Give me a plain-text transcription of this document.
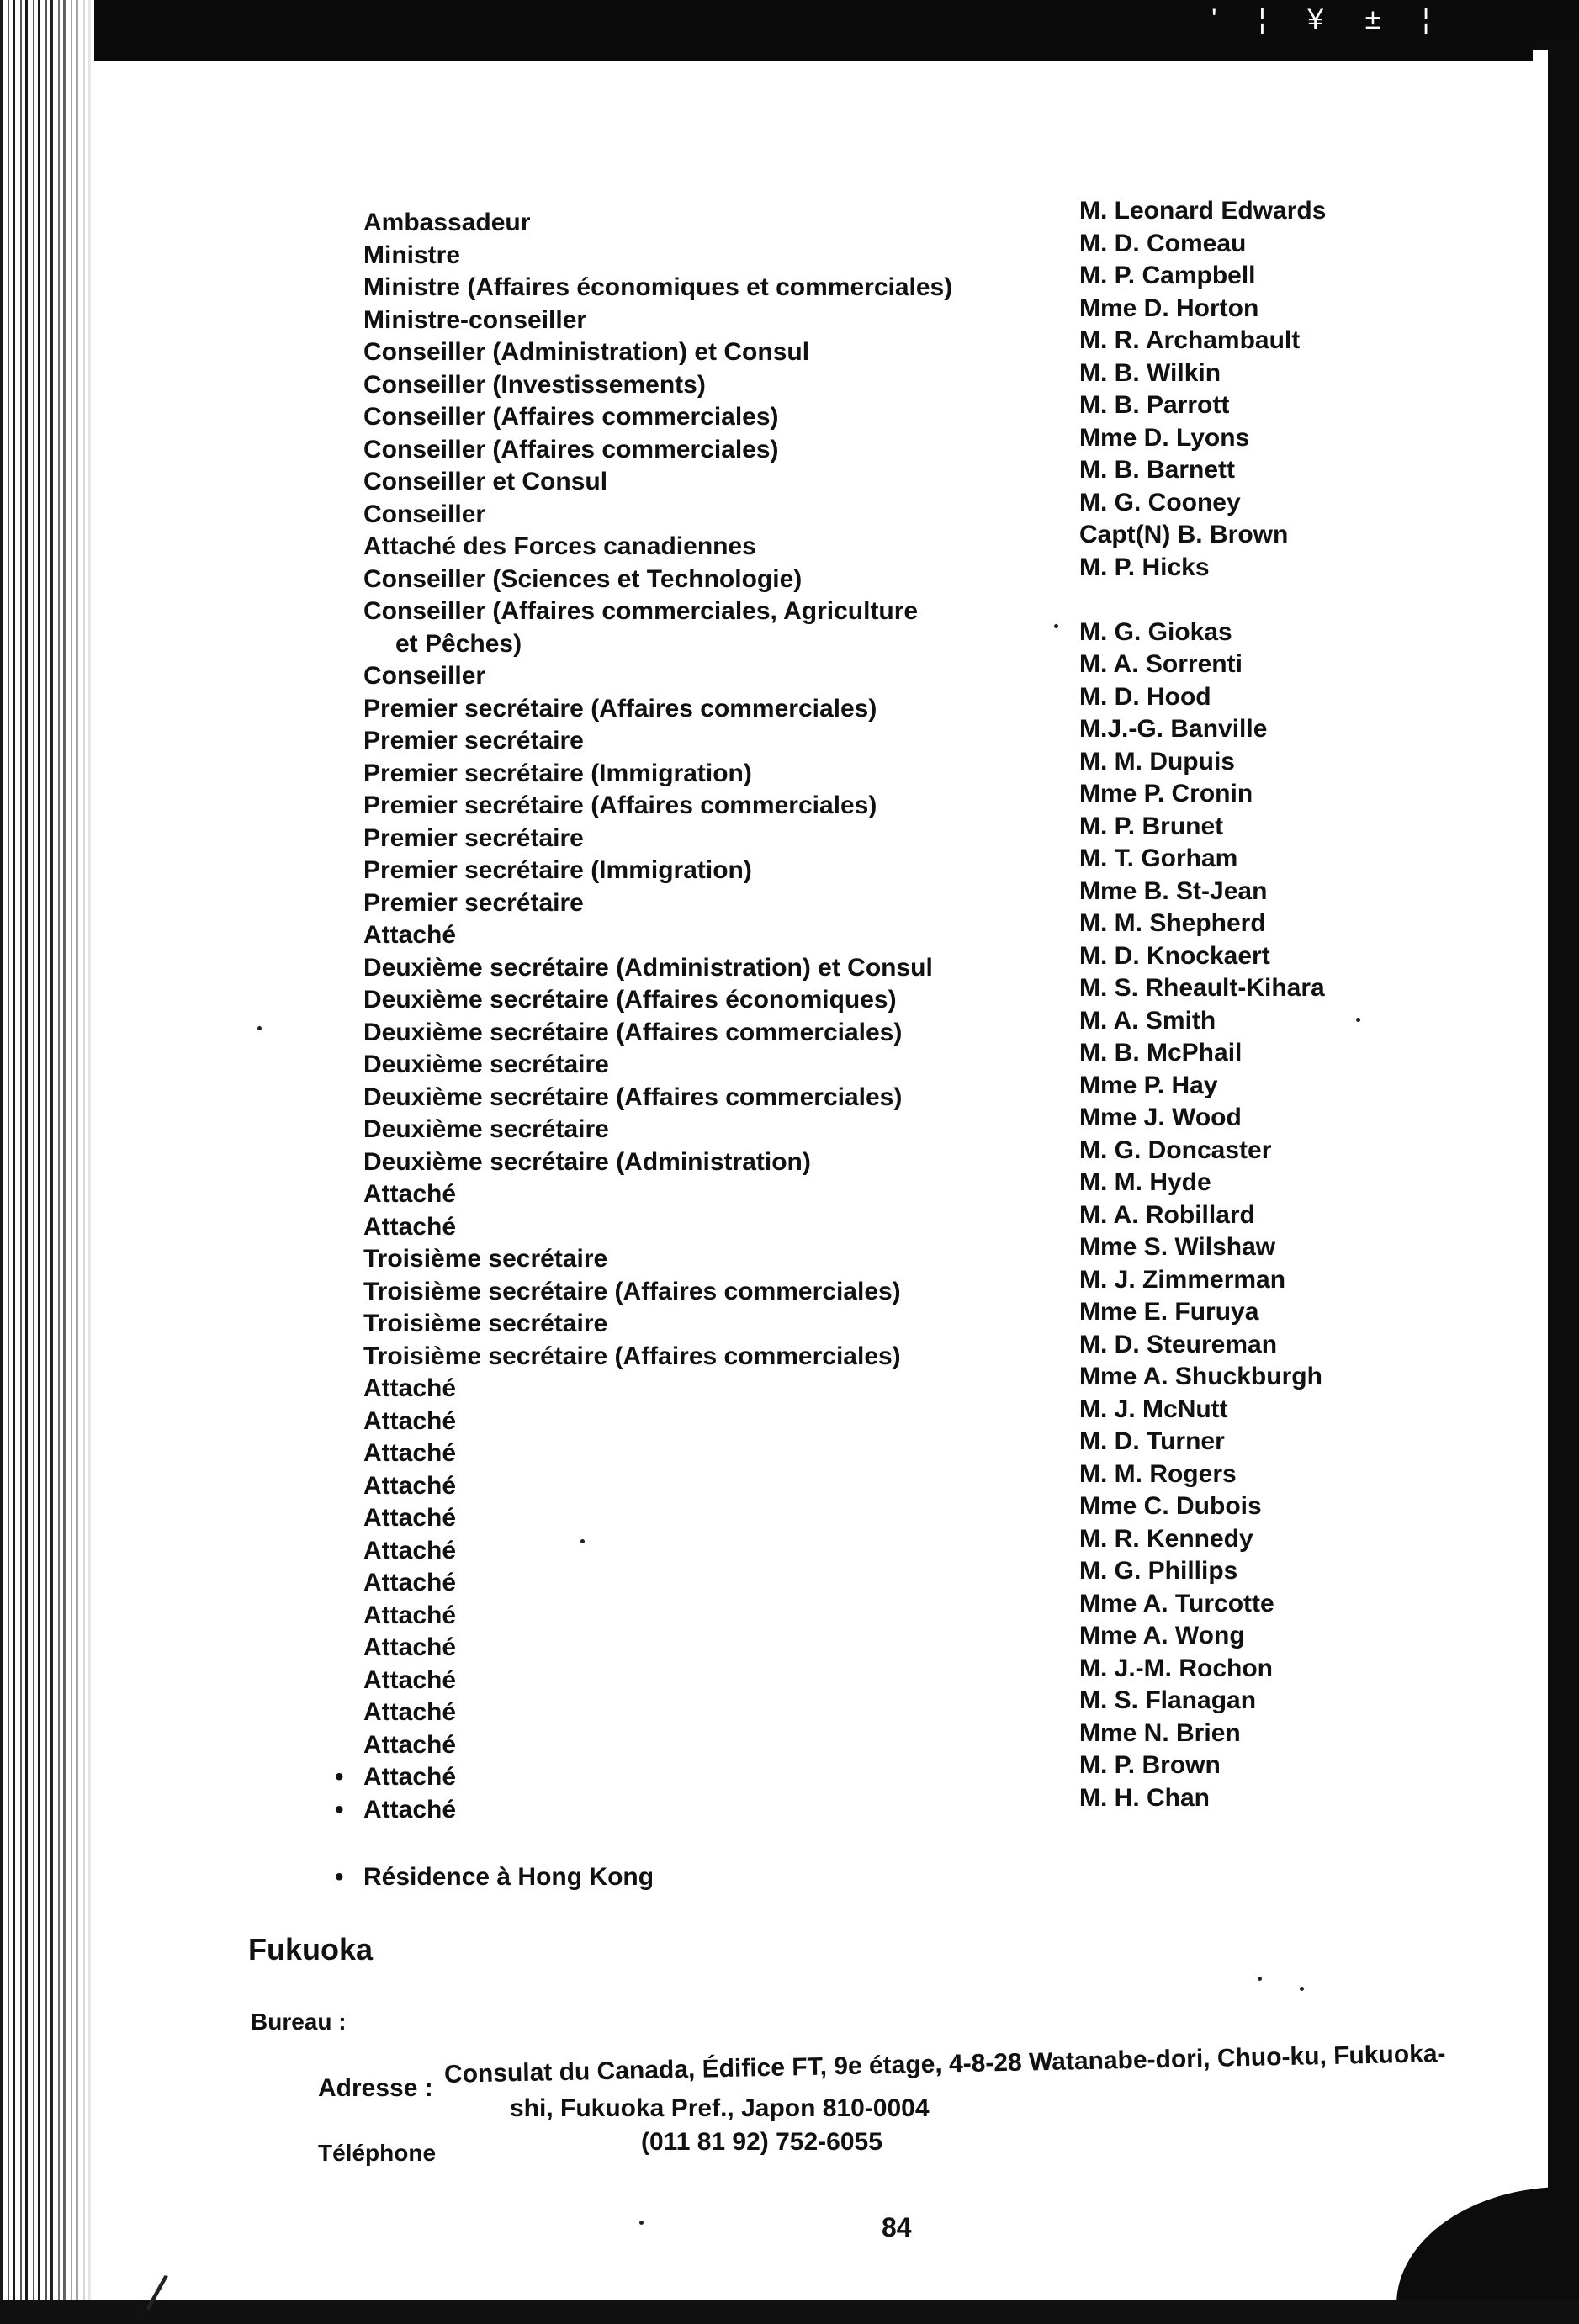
' ¦ ¥ ± ¦
Ambassadeur
Ministre
Ministre (Affaires économiques et commerciales)
Ministre-conseiller
Conseiller (Administration) et Consul
Conseiller (Investissements)
Conseiller (Affaires commerciales)
Conseiller (Affaires commerciales)
Conseiller et Consul
Conseiller
Attaché des Forces canadiennes
Conseiller (Sciences et Technologie)
Conseiller (Affaires commerciales, Agriculture
et Pêches)
Conseiller
Premier secrétaire (Affaires commerciales)
Premier secrétaire
Premier secrétaire (Immigration)
Premier secrétaire (Affaires commerciales)
Premier secrétaire
Premier secrétaire (Immigration)
Premier secrétaire
Attaché
Deuxième secrétaire (Administration) et Consul
Deuxième secrétaire (Affaires économiques)
Deuxième secrétaire (Affaires commerciales)
Deuxième secrétaire
Deuxième secrétaire (Affaires commerciales)
Deuxième secrétaire
Deuxième secrétaire (Administration)
Attaché
Attaché
Troisième secrétaire
Troisième secrétaire (Affaires commerciales)
Troisième secrétaire
Troisième secrétaire (Affaires commerciales)
Attaché
Attaché
Attaché
Attaché
Attaché
Attaché
Attaché
Attaché
Attaché
Attaché
Attaché
Attaché
• Attaché
• Attaché
M. Leonard Edwards
M. D. Comeau
M. P. Campbell
Mme D. Horton
M. R. Archambault
M. B. Wilkin
M. B. Parrott
Mme D. Lyons
M. B. Barnett
M. G. Cooney
Capt(N) B. Brown
M. P. Hicks
M. G. Giokas
M. A. Sorrenti
M. D. Hood
M.J.-G. Banville
M. M. Dupuis
Mme P. Cronin
M. P. Brunet
M. T. Gorham
Mme B. St-Jean
M. M. Shepherd
M. D. Knockaert
M. S. Rheault-Kihara
M. A. Smith
M. B. McPhail
Mme P. Hay
Mme J. Wood
M. G. Doncaster
M. M. Hyde
M. A. Robillard
Mme S. Wilshaw
M. J. Zimmerman
Mme E. Furuya
M. D. Steureman
Mme A. Shuckburgh
M. J. McNutt
M. D. Turner
M. M. Rogers
Mme C. Dubois
M. R. Kennedy
M. G. Phillips
Mme A. Turcotte
Mme A. Wong
M. J.-M. Rochon
M. S. Flanagan
Mme N. Brien
M. P. Brown
M. H. Chan
• Résidence à Hong Kong
Fukuoka
Bureau :
Adresse : Consulat du Canada, Édifice FT, 9e étage, 4-8-28 Watanabe-dori, Chuo-ku, Fukuoka-
shi, Fukuoka Pref., Japon 810-0004
Téléphone	(011 81 92) 752-6055
84
/
